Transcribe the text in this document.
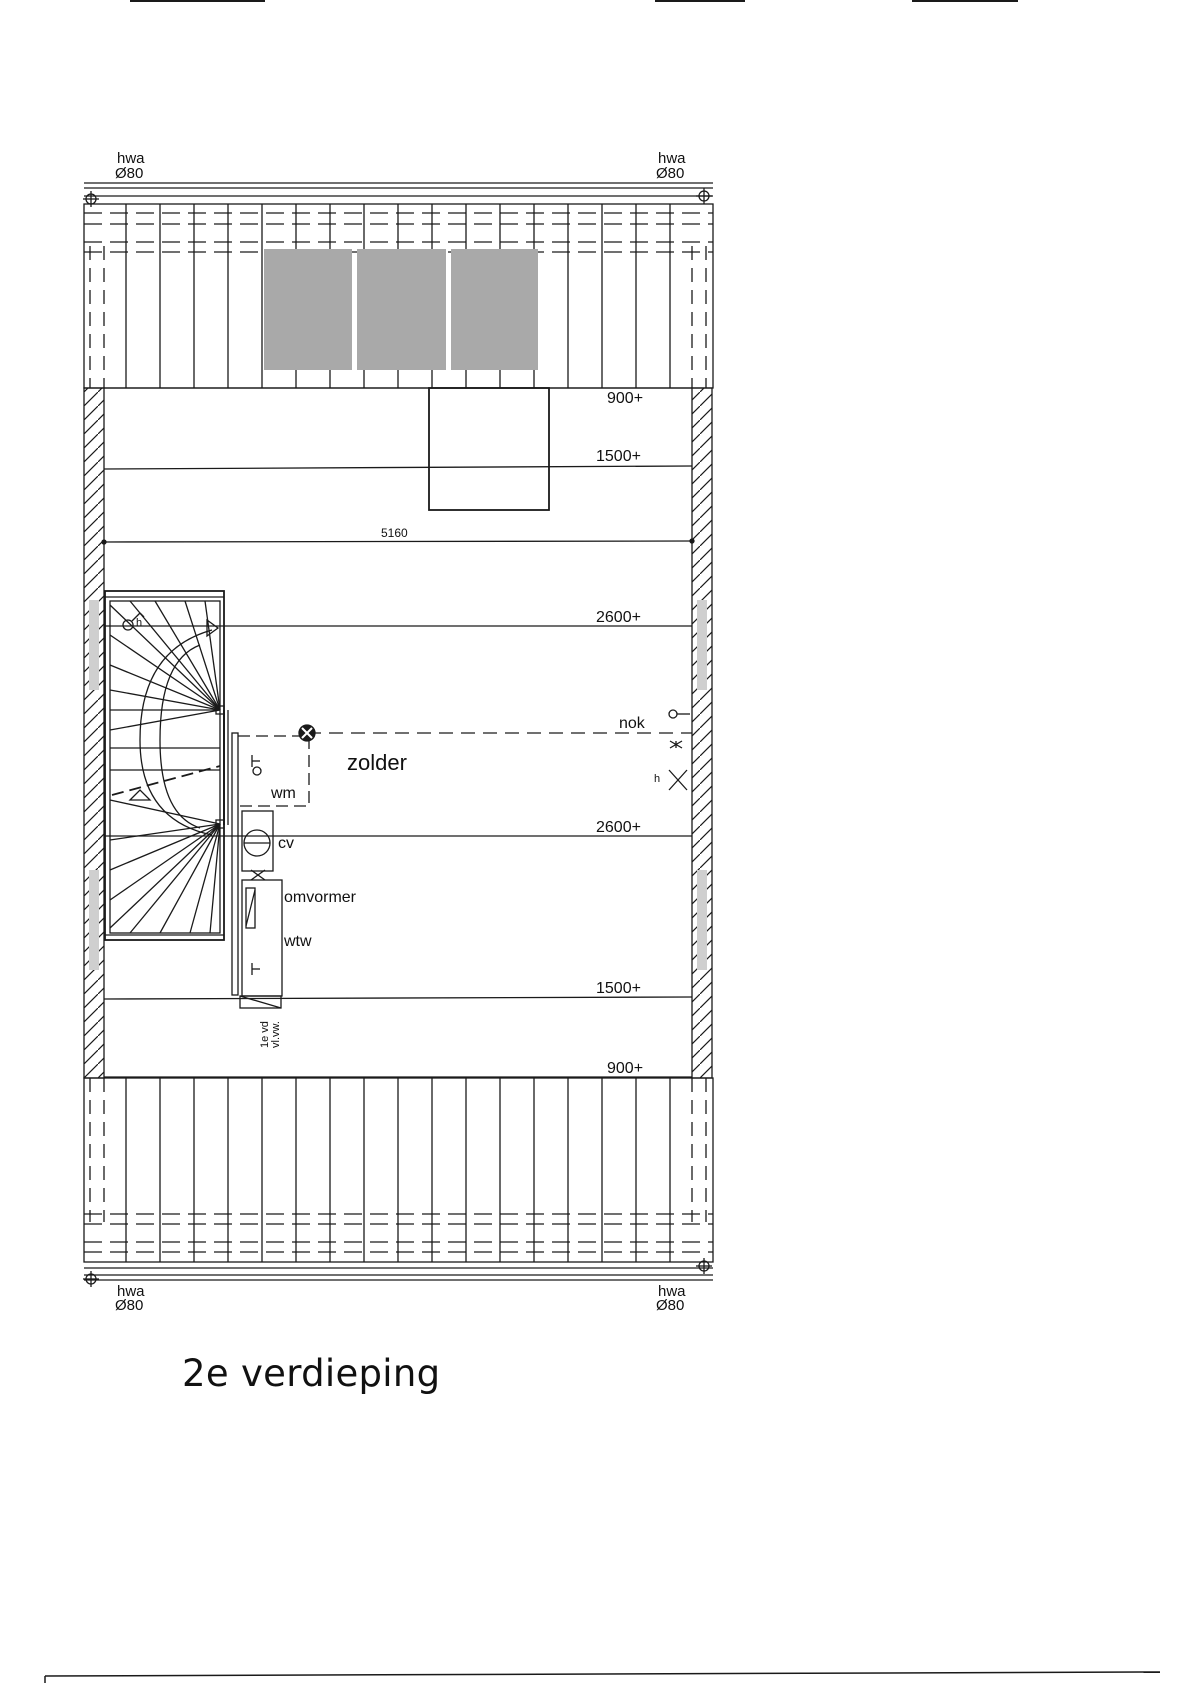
hwa
Ø80
hwa
Ø80
hwa
Ø80
hwa
Ø80
900+
1500+
2600+
2600+
1500+
900+
5160
zolder
nok
wm
cv
omvormer
wtw
h
h
1e vd vl.vw.
2e verdieping
